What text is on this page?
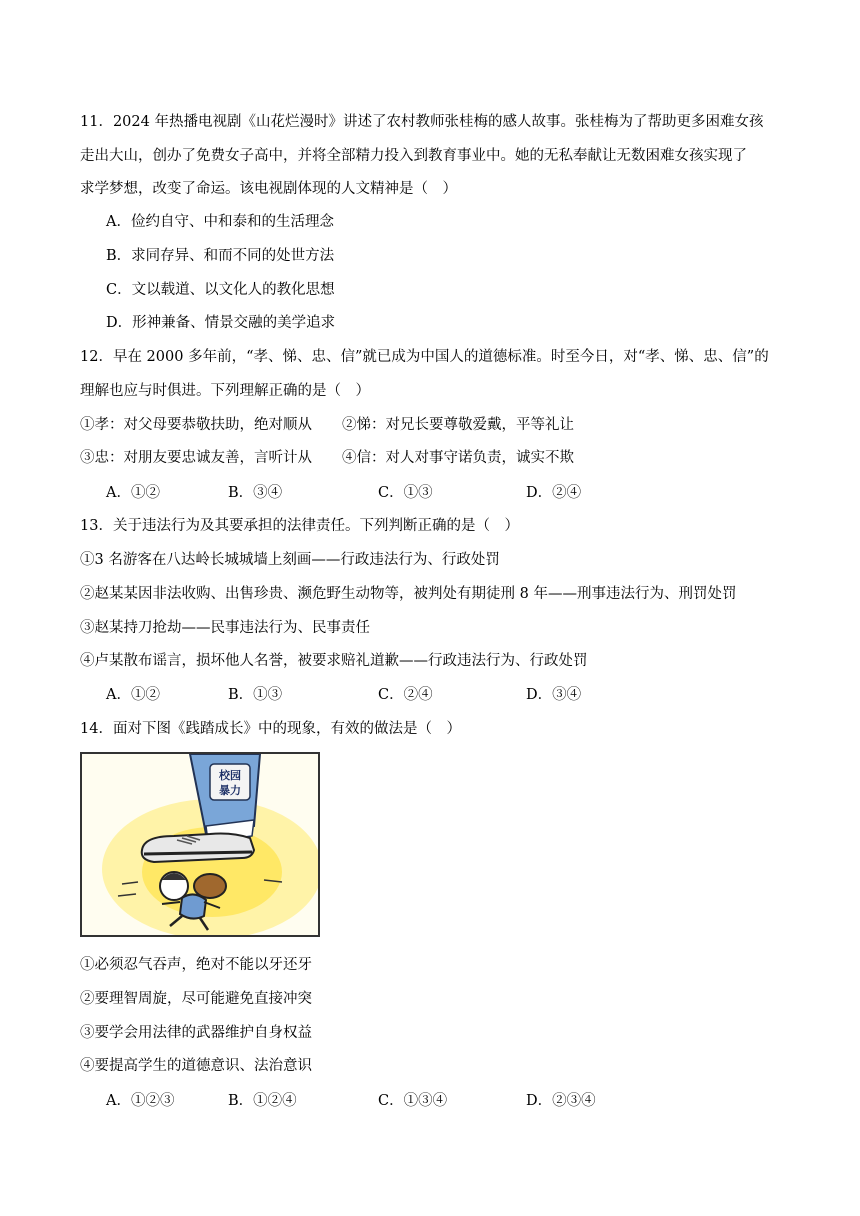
11．2024 年热播电视剧《山花烂漫时》讲述了农村教师张桂梅的感人故事。张桂梅为了帮助更多困难女孩
走出大山，创办了免费女子高中，并将全部精力投入到教育事业中。她的无私奉献让无数困难女孩实现了
求学梦想，改变了命运。该电视剧体现的人文精神是（　）
A．俭约自守、中和泰和的生活理念
B．求同存异、和而不同的处世方法
C．文以载道、以文化人的教化思想
D．形神兼备、情景交融的美学追求
12．早在 2000 多年前，“孝、悌、忠、信”就已成为中国人的道德标准。时至今日，对“孝、悌、忠、信”的
理解也应与时俱进。下列理解正确的是（　）
①孝：对父母要恭敬扶助，绝对顺从 ②悌：对兄长要尊敬爱戴，平等礼让
③忠：对朋友要忠诚友善，言听计从 ④信：对人对事守诺负责，诚实不欺
A．①②	B．③④	C．①③	D．②④
13．关于违法行为及其要承担的法律责任。下列判断正确的是（　）
①3 名游客在八达岭长城城墙上刻画——行政违法行为、行政处罚
②赵某某因非法收购、出售珍贵、濒危野生动物等，被判处有期徒刑 8 年——刑事违法行为、刑罚处罚
③赵某持刀抢劫——民事违法行为、民事责任
④卢某散布谣言，损坏他人名誉，被要求赔礼道歉——行政违法行为、行政处罚
A．①②	B．①③	C．②④	D．③④
14．面对下图《践踏成长》中的现象，有效的做法是（　）
校园
暴力
①必须忍气吞声，绝对不能以牙还牙
②要理智周旋，尽可能避免直接冲突
③要学会用法律的武器维护自身权益
④要提高学生的道德意识、法治意识
A．①②③	B．①②④	C．①③④	D．②③④
